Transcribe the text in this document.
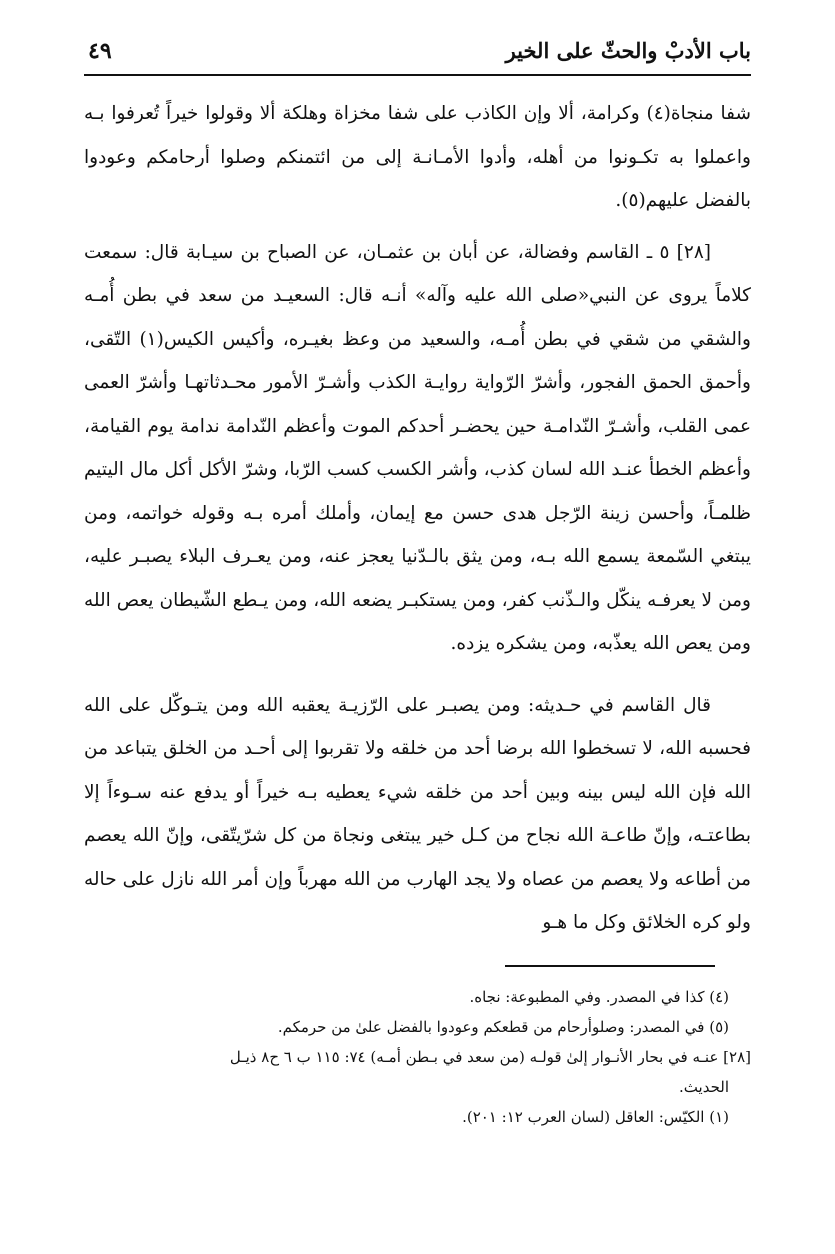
باب الأدبْ والحثّ على الخير
٤٩

شفا منجاة(٤) وكرامة، ألا وإن الكاذب على شفا مخزاة وهلكة ألا وقولوا خيراً تُعرفوا بـه واعملوا به تكـونوا من أهله، وأدوا الأمـانـة إلى من ائتمنكم وصلوا أرحامكم وعودوا بالفضل عليهم(٥).

[٢٨] ٥ ـ القاسم وفضالة، عن أبان بن عثمـان، عن الصباح بن سيـابة قال: سمعت كلاماً يروى عن النبي«صلى الله عليه وآله» أنـه قال: السعيـد من سعد في بطن أُمـه والشقي من شقي في بطن أُمـه، والسعيد من وعظ بغيـره، وأكيس الكيس(١) التّقى، وأحمق الحمق الفجور، وأشرّ الرّواية روايـة الكذب وأشـرّ الأمور محـدثاتهـا وأشرّ العمى عمى القلب، وأشـرّ النّدامـة حين يحضـر أحدكم الموت وأعظم النّدامة ندامة يوم القيامة، وأعظم الخطأ عنـد الله لسان كذب، وأشر الكسب كسب الرّبا، وشرّ الأكل أكل مال اليتيم ظلمـاً، وأحسن زينة الرّجل هدى حسن مع إيمان، وأملك أمره بـه وقوله خواتمه، ومن يبتغي السّمعة يسمع الله بـه، ومن يثق بالـدّنيا يعجز عنه، ومن يعـرف البلاء يصبـر عليه، ومن لا يعرفـه ينكّل والـذّنب كفر، ومن يستكبـر يضعه الله، ومن يـطع الشّيطان يعص الله ومن يعص الله يعذّبه، ومن يشكره يزده.

قال القاسم في حـديثه: ومن يصبـر على الرّزيـة يعقبه الله ومن يتـوكّل على الله فحسبه الله، لا تسخطوا الله برضا أحد من خلقه ولا تقربوا إلى أحـد من الخلق يتباعد من الله فإن الله ليس بينه وبين أحد من خلقه شيء يعطيه بـه خيراً أو يدفع عنه سـوءاً إلا بطاعتـه، وإنّ طاعـة الله نجاح من كـل خير يبتغى ونجاة من كل شرّيتّقى، وإنّ الله يعصم من أطاعه ولا يعصم من عصاه ولا يجد الهارب من الله مهرباً وإن أمر الله نازل على حاله ولو كره الخلائق وكل ما هـو

(٤) كذا في المصدر. وفي المطبوعة: نجاه.

(٥) في المصدر: وصلوأرحام من قطعكم وعودوا بالفضل علىٰ من حرمكم.

[٢٨] عنـه في بحار الأنـوار إلىٰ قولـه (من سعد في بـطن أمـه) ٧٤: ١١٥ ب ٦ ح٨ ذيـل

الحديث.

(١) الكيّس: العاقل (لسان العرب ١٢: ٢٠١).
